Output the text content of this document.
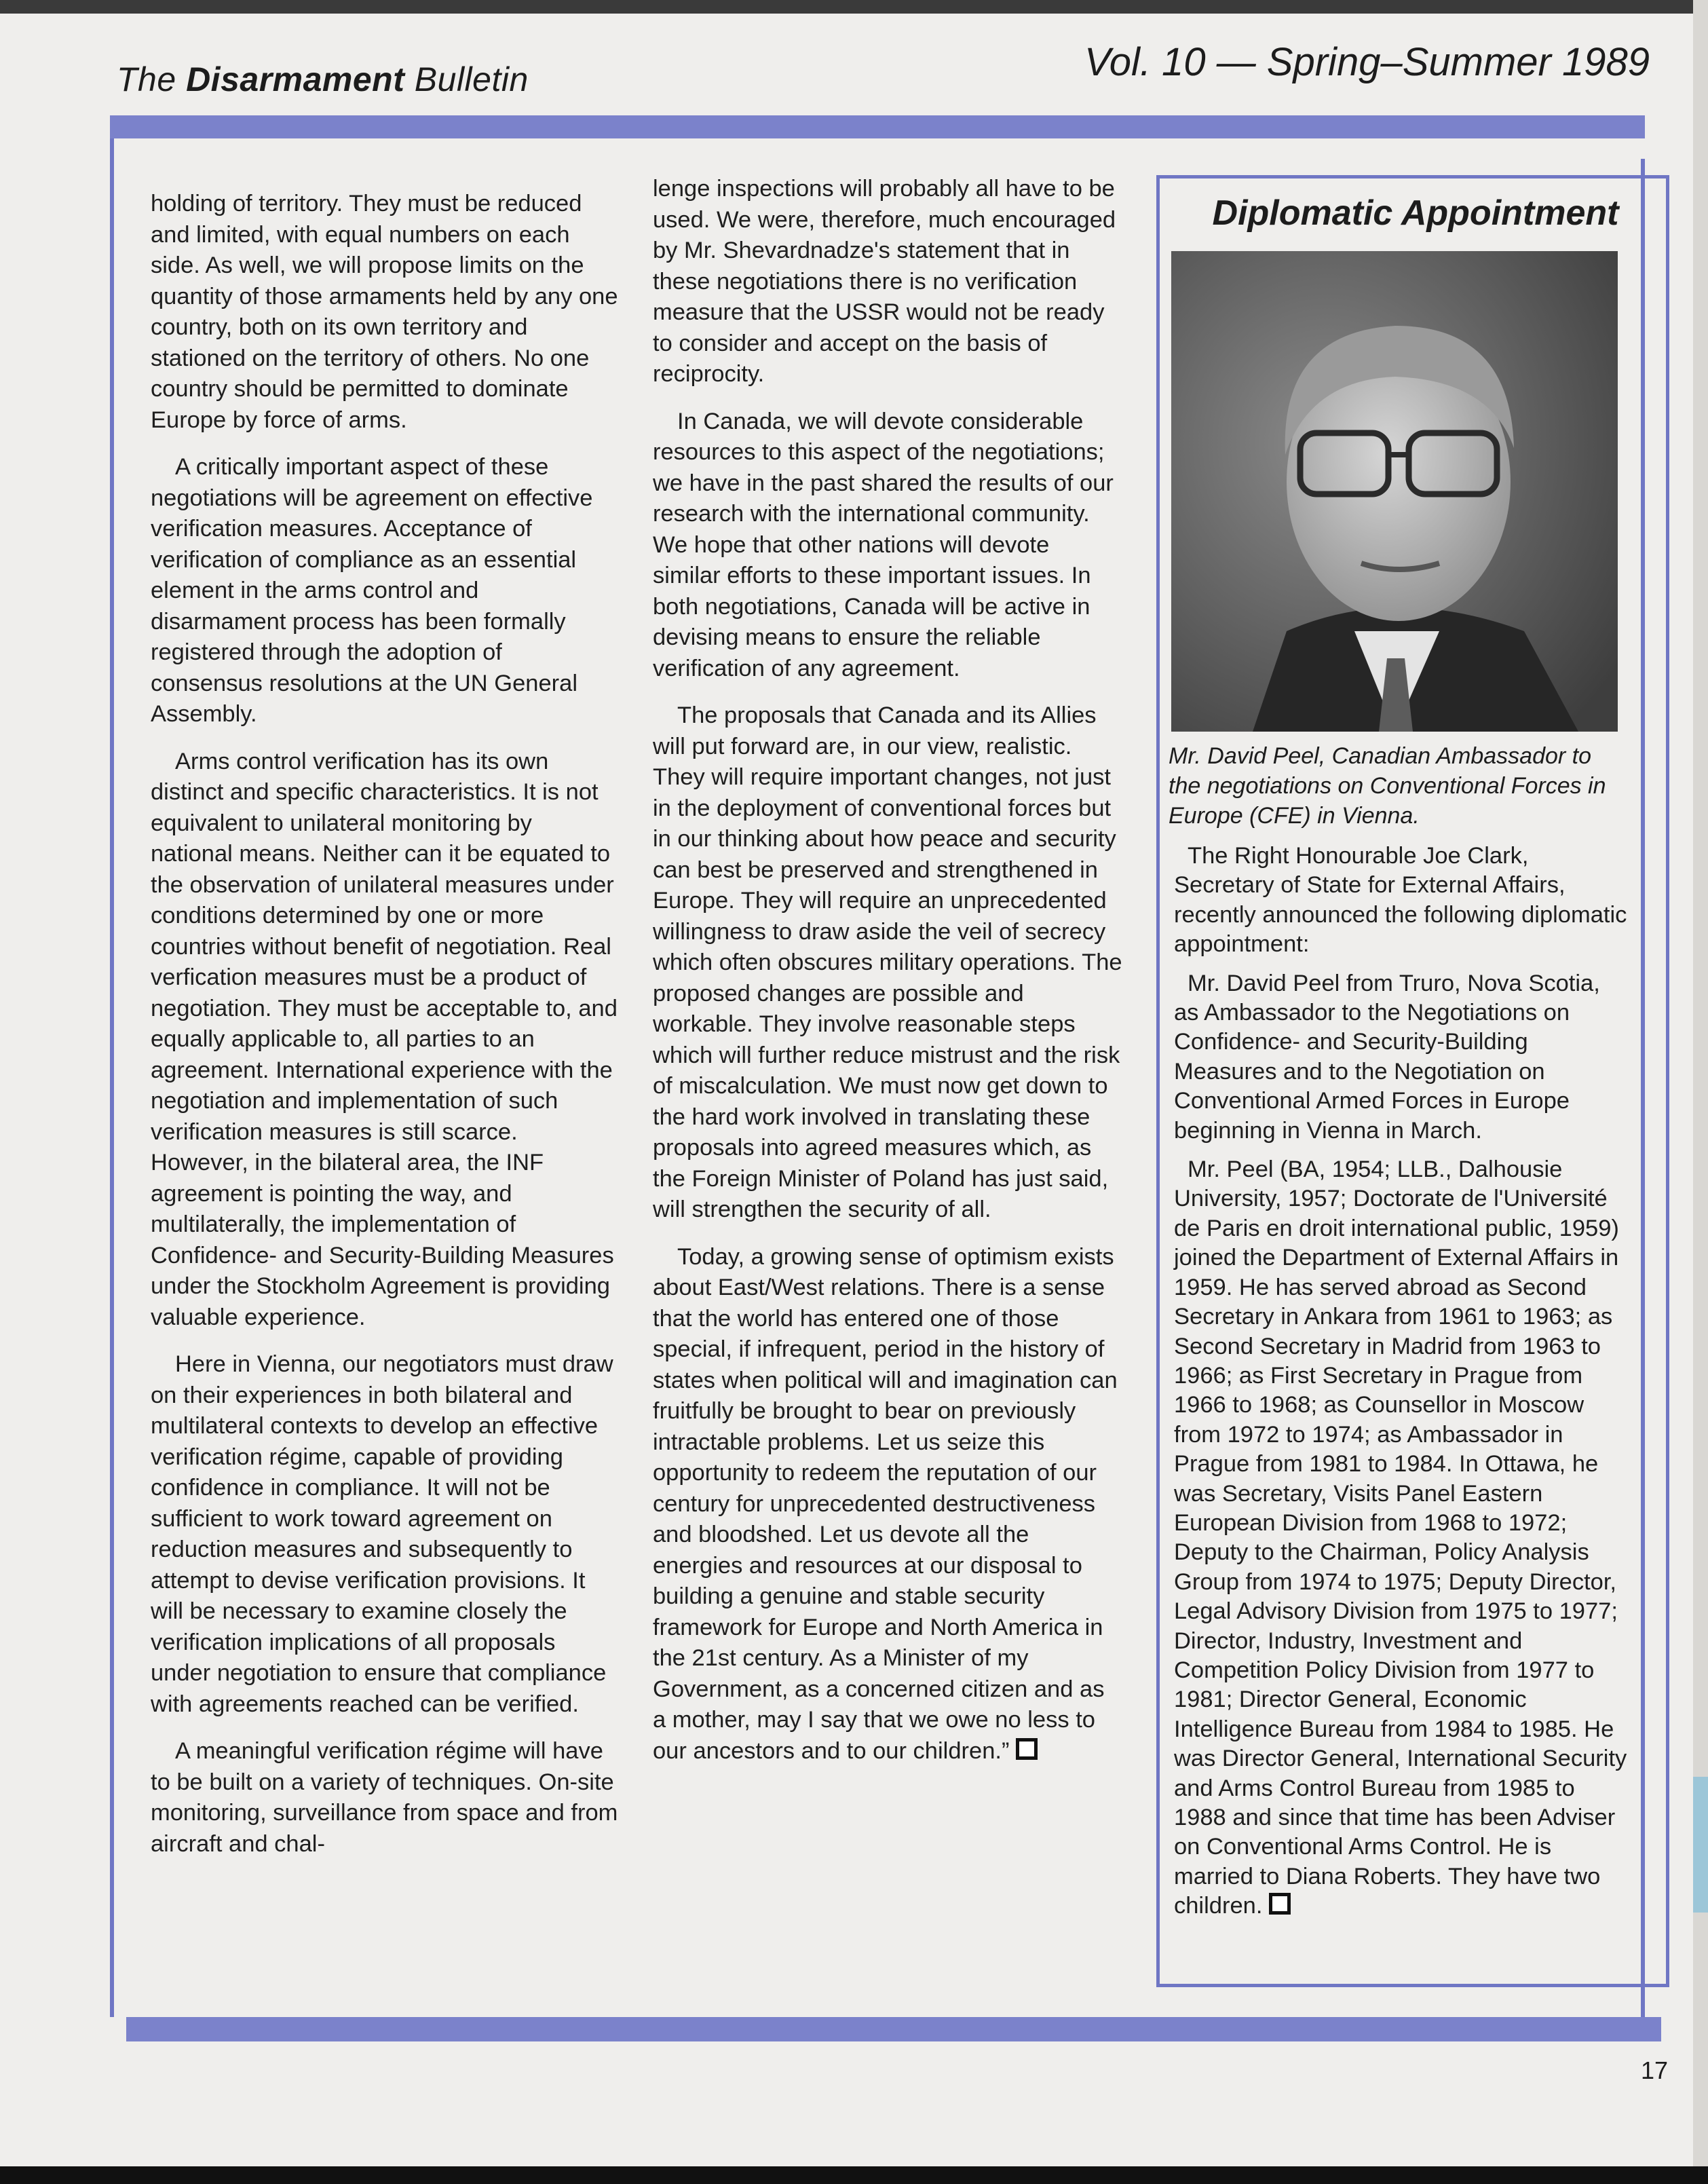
The Disarmament Bulletin	Vol. 10 — Spring–Summer 1989

holding of territory. They must be reduced and limited, with equal numbers on each side. As well, we will propose limits on the quantity of those armaments held by any one country, both on its own territory and stationed on the territory of others. No one country should be permitted to dominate Europe by force of arms.

A critically important aspect of these negotiations will be agreement on effective verification measures. Acceptance of verification of compliance as an essential element in the arms control and disarmament process has been formally registered through the adoption of consensus resolutions at the UN General Assembly.

Arms control verification has its own distinct and specific characteristics. It is not equivalent to unilateral monitoring by national means. Neither can it be equated to the observation of unilateral measures under conditions determined by one or more countries without benefit of negotiation. Real verfication measures must be a product of negotiation. They must be acceptable to, and equally applicable to, all parties to an agreement. International experience with the negotiation and implementation of such verification measures is still scarce. However, in the bilateral area, the INF agreement is pointing the way, and multilaterally, the implementation of Confidence- and Security-Building Measures under the Stockholm Agreement is providing valuable experience.

Here in Vienna, our negotiators must draw on their experiences in both bilateral and multilateral contexts to develop an effective verification régime, capable of providing confidence in compliance. It will not be sufficient to work toward agreement on reduction measures and subsequently to attempt to devise verification provisions. It will be necessary to examine closely the verification implications of all proposals under negotiation to ensure that compliance with agreements reached can be verified.

A meaningful verification régime will have to be built on a variety of techniques. On-site monitoring, surveillance from space and from aircraft and chal-

lenge inspections will probably all have to be used. We were, therefore, much encouraged by Mr. Shevardnadze's statement that in these negotiations there is no verification measure that the USSR would not be ready to consider and accept on the basis of reciprocity.

In Canada, we will devote considerable resources to this aspect of the negotiations; we have in the past shared the results of our research with the international community. We hope that other nations will devote similar efforts to these important issues. In both negotiations, Canada will be active in devising means to ensure the reliable verification of any agreement.

The proposals that Canada and its Allies will put forward are, in our view, realistic. They will require important changes, not just in the deployment of conventional forces but in our thinking about how peace and security can best be preserved and strengthened in Europe. They will require an unprecedented willingness to draw aside the veil of secrecy which often obscures military operations. The proposed changes are possible and workable. They involve reasonable steps which will further reduce mistrust and the risk of miscalculation. We must now get down to the hard work involved in translating these proposals into agreed measures which, as the Foreign Minister of Poland has just said, will strengthen the security of all.

Today, a growing sense of optimism exists about East/West relations. There is a sense that the world has entered one of those special, if infrequent, period in the history of states when political will and imagination can fruitfully be brought to bear on previously intractable problems. Let us seize this opportunity to redeem the reputation of our century for unprecedented destructiveness and bloodshed. Let us devote all the energies and resources at our disposal to building a genuine and stable security framework for Europe and North America in the 21st century. As a Minister of my Government, as a concerned citizen and as a mother, may I say that we owe no less to our ancestors and to our children.”

Diplomatic Appointment
Mr. David Peel, Canadian Ambassador to the negotiations on Conventional Forces in Europe (CFE) in Vienna.

The Right Honourable Joe Clark, Secretary of State for External Affairs, recently announced the following diplomatic appointment:

Mr. David Peel from Truro, Nova Scotia, as Ambassador to the Negotiations on Confidence- and Security-Building Measures and to the Negotiation on Conventional Armed Forces in Europe beginning in Vienna in March.

Mr. Peel (BA, 1954; LLB., Dalhousie University, 1957; Doctorate de l'Université de Paris en droit international public, 1959) joined the Department of External Affairs in 1959. He has served abroad as Second Secretary in Ankara from 1961 to 1963; as Second Secretary in Madrid from 1963 to 1966; as First Secretary in Prague from 1966 to 1968; as Counsellor in Moscow from 1972 to 1974; as Ambassador in Prague from 1981 to 1984. In Ottawa, he was Secretary, Visits Panel Eastern European Division from 1968 to 1972; Deputy to the Chairman, Policy Analysis Group from 1974 to 1975; Deputy Director, Legal Advisory Division from 1975 to 1977; Director, Industry, Investment and Competition Policy Division from 1977 to 1981; Director General, Economic Intelligence Bureau from 1984 to 1985. He was Director General, International Security and Arms Control Bureau from 1985 to 1988 and since that time has been Adviser on Conventional Arms Control. He is married to Diana Roberts. They have two children.

17
